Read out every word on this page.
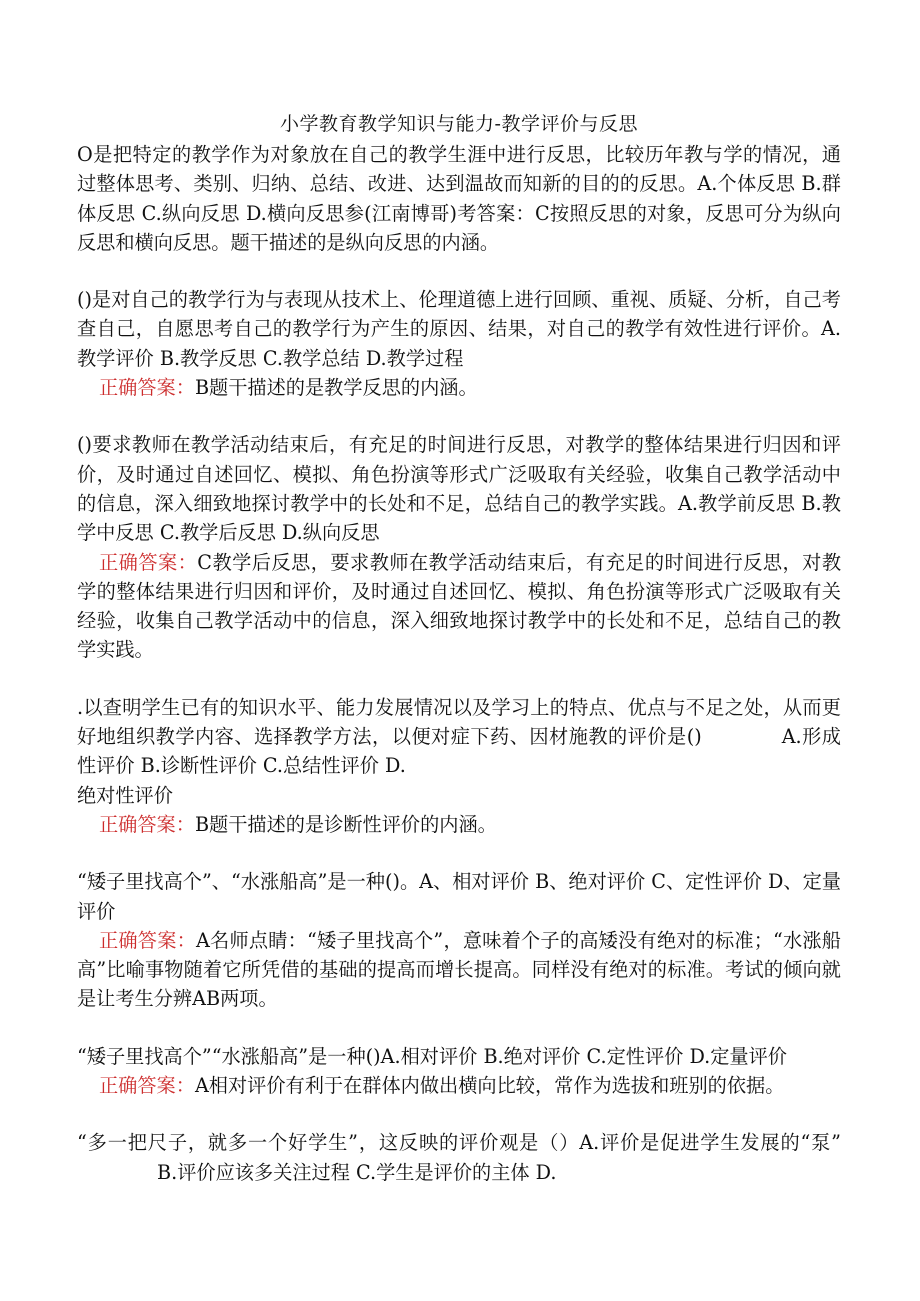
小学教育教学知识与能力-教学评价与反思

O是把特定的教学作为对象放在自己的教学生涯中进行反思，比较历年教与学的情况，通过整体思考、类别、归纳、总结、改进、达到温故而知新的目的的反思。A.个体反思 B.群体反思 C.纵向反思 D.横向反思参(江南博哥)考答案：C按照反思的对象，反思可分为纵向反思和横向反思。题干描述的是纵向反思的内涵。

()是对自己的教学行为与表现从技术上、伦理道德上进行回顾、重视、质疑、分析，自己考查自己，自愿思考自己的教学行为产生的原因、结果，对自己的教学有效性进行评价。A.教学评价 B.教学反思 C.教学总结 D.教学过程

正确答案：B题干描述的是教学反思的内涵。

()要求教师在教学活动结束后，有充足的时间进行反思，对教学的整体结果进行归因和评价，及时通过自述回忆、模拟、角色扮演等形式广泛吸取有关经验，收集自己教学活动中的信息，深入细致地探讨教学中的长处和不足，总结自己的教学实践。A.教学前反思 B.教学中反思 C.教学后反思 D.纵向反思

正确答案：C教学后反思，要求教师在教学活动结束后，有充足的时间进行反思，对教学的整体结果进行归因和评价，及时通过自述回忆、模拟、角色扮演等形式广泛吸取有关经验，收集自己教学活动中的信息，深入细致地探讨教学中的长处和不足，总结自己的教学实践。

.以查明学生已有的知识水平、能力发展情况以及学习上的特点、优点与不足之处，从而更好地组织教学内容、选择教学方法，以便对症下药、因材施教的评价是()	A.形成性评价 B.诊断性评价 C.总结性评价 D.

绝对性评价

正确答案：B题干描述的是诊断性评价的内涵。

“矮子里找高个”、“水涨船高”是一种()。A、相对评价 B、绝对评价 C、定性评价 D、定量评价

正确答案：A名师点睛：“矮子里找高个”，意味着个子的高矮没有绝对的标准；“水涨船高”比喻事物随着它所凭借的基础的提高而增长提高。同样没有绝对的标准。考试的倾向就是让考生分辨AB两项。

“矮子里找高个”“水涨船高”是一种()A.相对评价 B.绝对评价 C.定性评价 D.定量评价

正确答案：A相对评价有利于在群体内做出横向比较，常作为选拔和班别的依据。

“多一把尺子，就多一个好学生”，这反映的评价观是（）A.评价是促进学生发展的“泵”B.评价应该多关注过程 C.学生是评价的主体 D.
